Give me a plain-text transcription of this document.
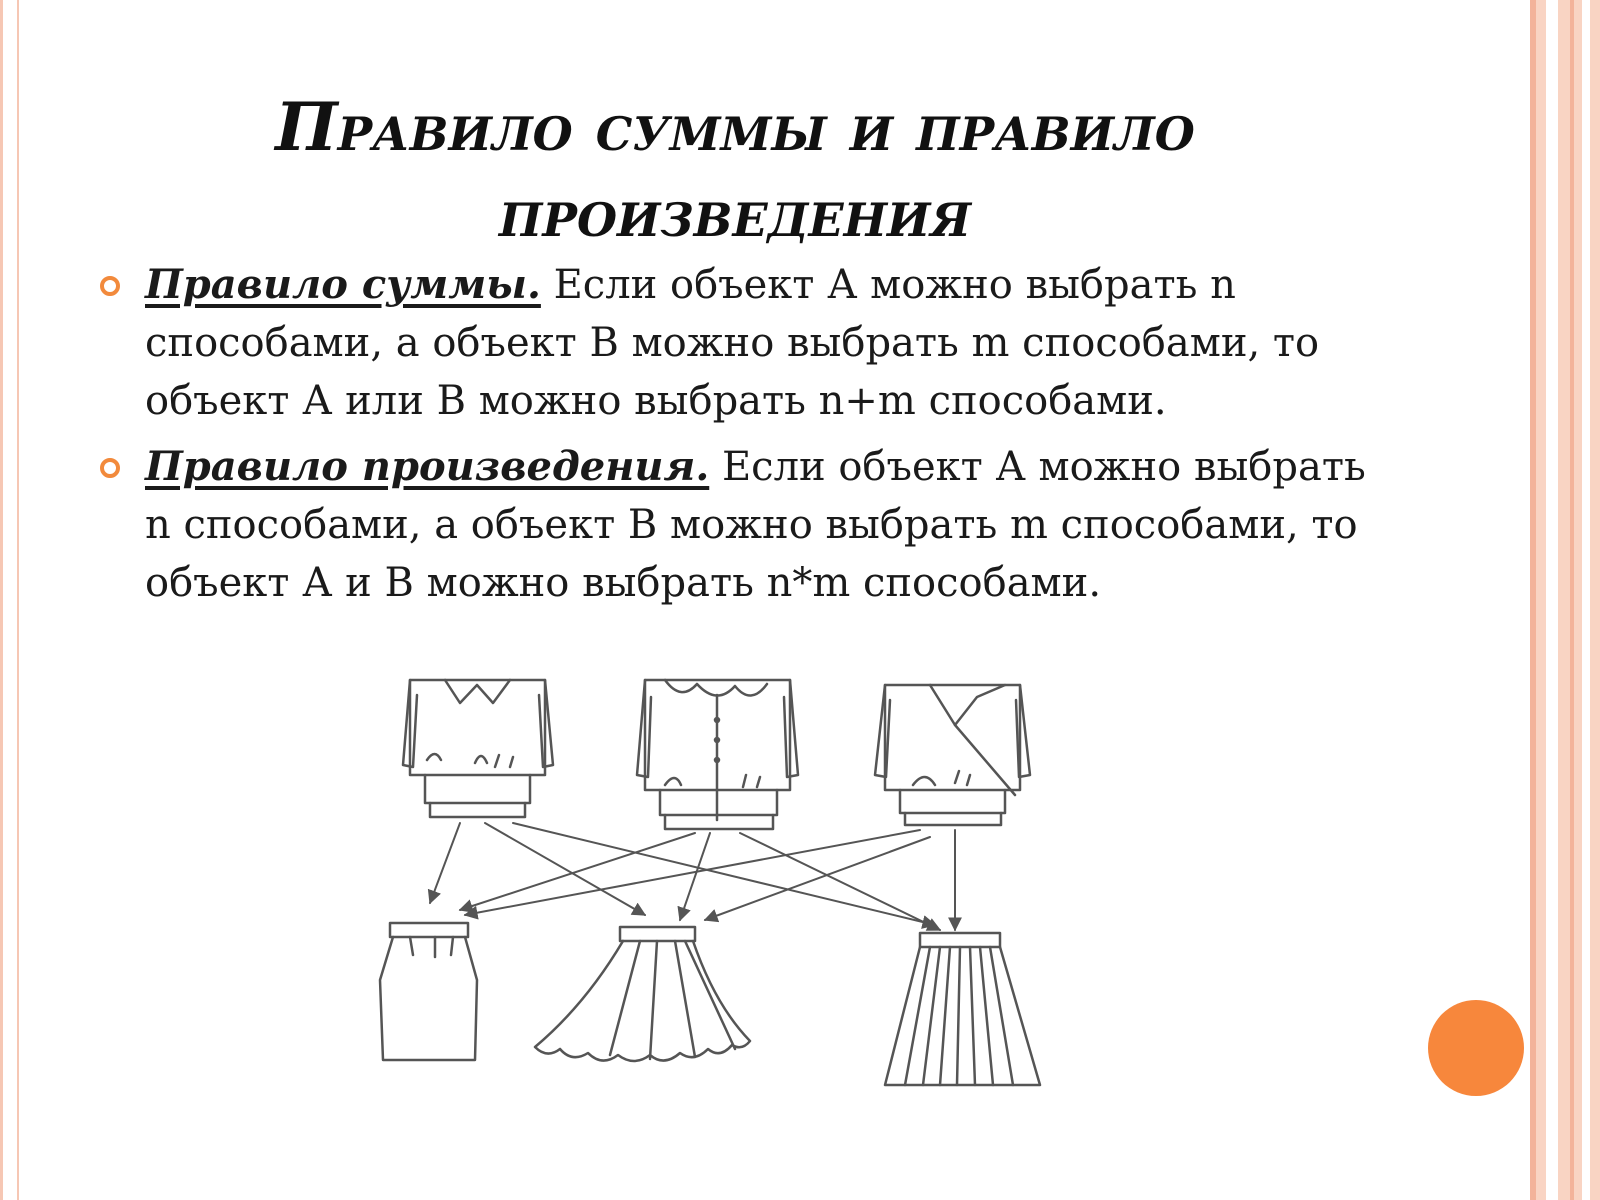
Правило суммы и правило
произведения
Правило суммы. Если объект А можно выбрать n способами, а объект В можно выбрать m способами, то объект А или В можно выбрать n+m способами.
Правило произведения. Если объект А можно выбрать n способами, а объект В можно выбрать m способами, то объект А и В можно выбрать n*m способами.
